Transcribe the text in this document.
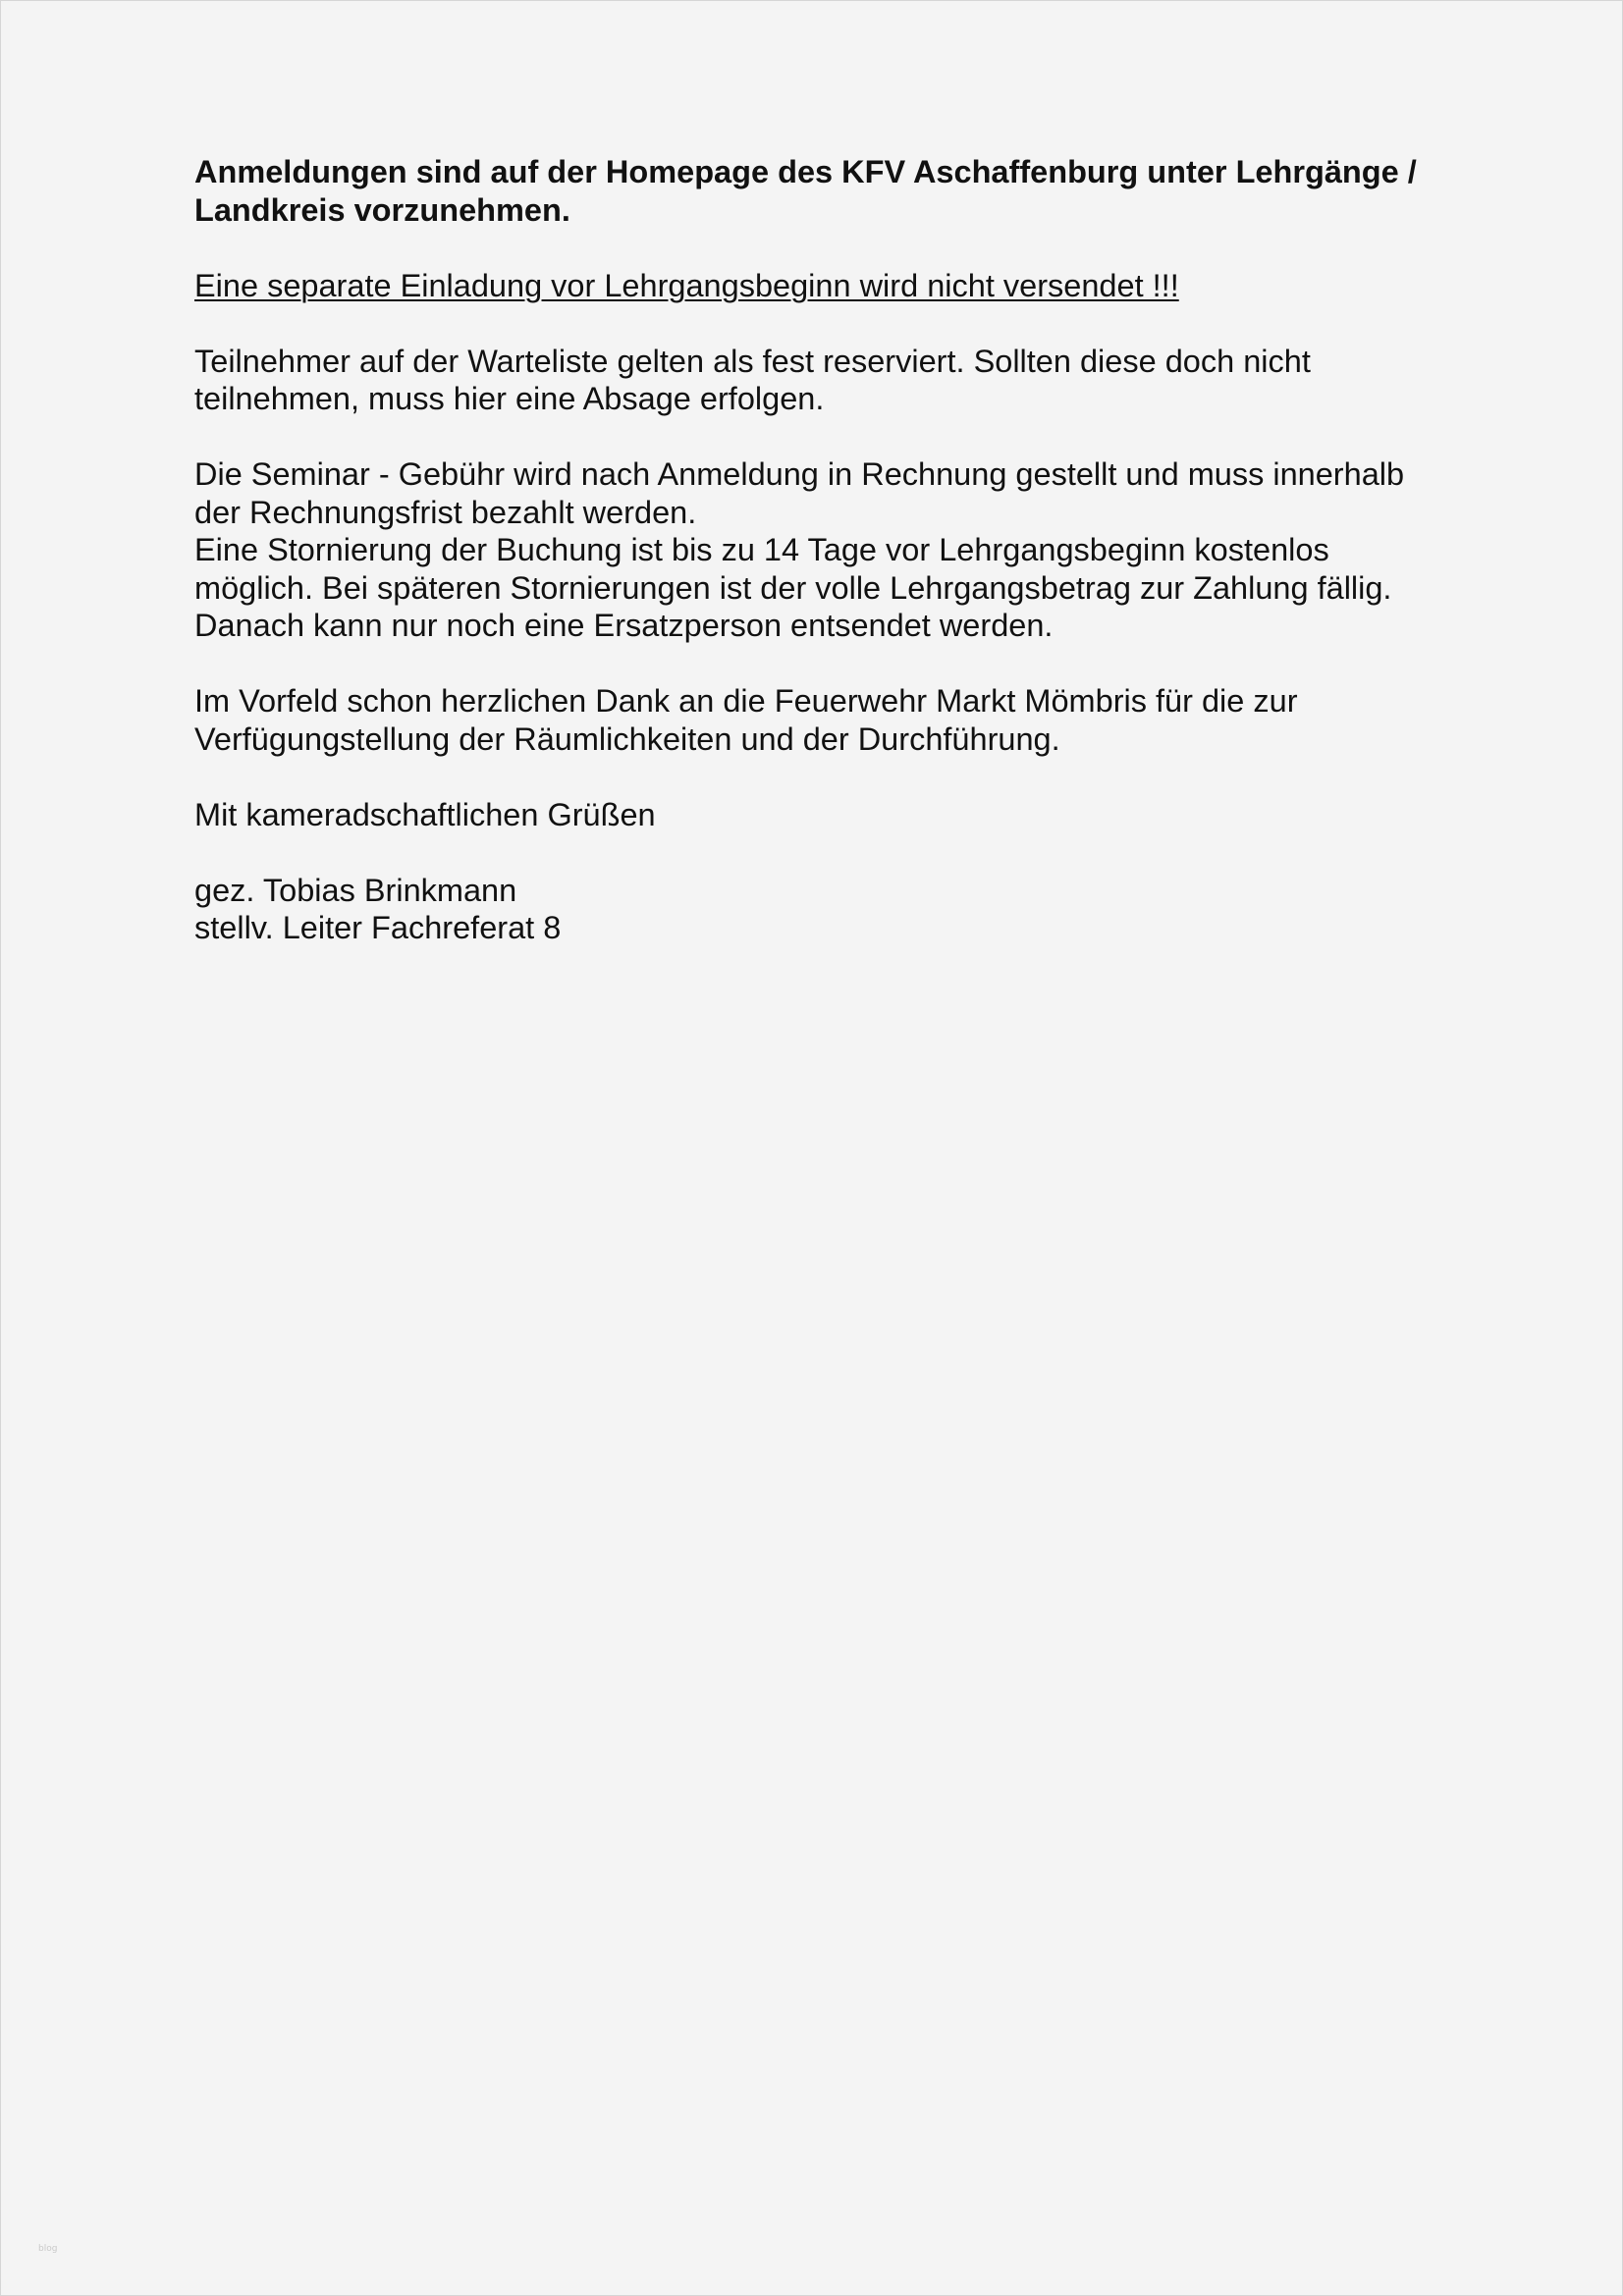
Anmeldungen sind auf der Homepage des KFV Aschaffenburg unter Lehrgänge /

Landkreis vorzunehmen.

Eine separate Einladung vor Lehrgangsbeginn wird nicht versendet !!!

Teilnehmer auf der Warteliste gelten als fest reserviert. Sollten diese doch nicht

teilnehmen, muss hier eine Absage erfolgen.

Die Seminar - Gebühr wird nach Anmeldung in Rechnung gestellt und muss innerhalb

der Rechnungsfrist bezahlt werden.

Eine Stornierung der Buchung ist bis zu 14 Tage vor Lehrgangsbeginn kostenlos

möglich. Bei späteren Stornierungen ist der volle Lehrgangsbetrag zur Zahlung fällig.

Danach kann nur noch eine Ersatzperson entsendet werden.

Im Vorfeld schon herzlichen Dank an die Feuerwehr Markt Mömbris für die zur

Verfügungstellung der Räumlichkeiten und der Durchführung.

Mit kameradschaftlichen Grüßen

gez. Tobias Brinkmann

stellv. Leiter Fachreferat 8

blog
